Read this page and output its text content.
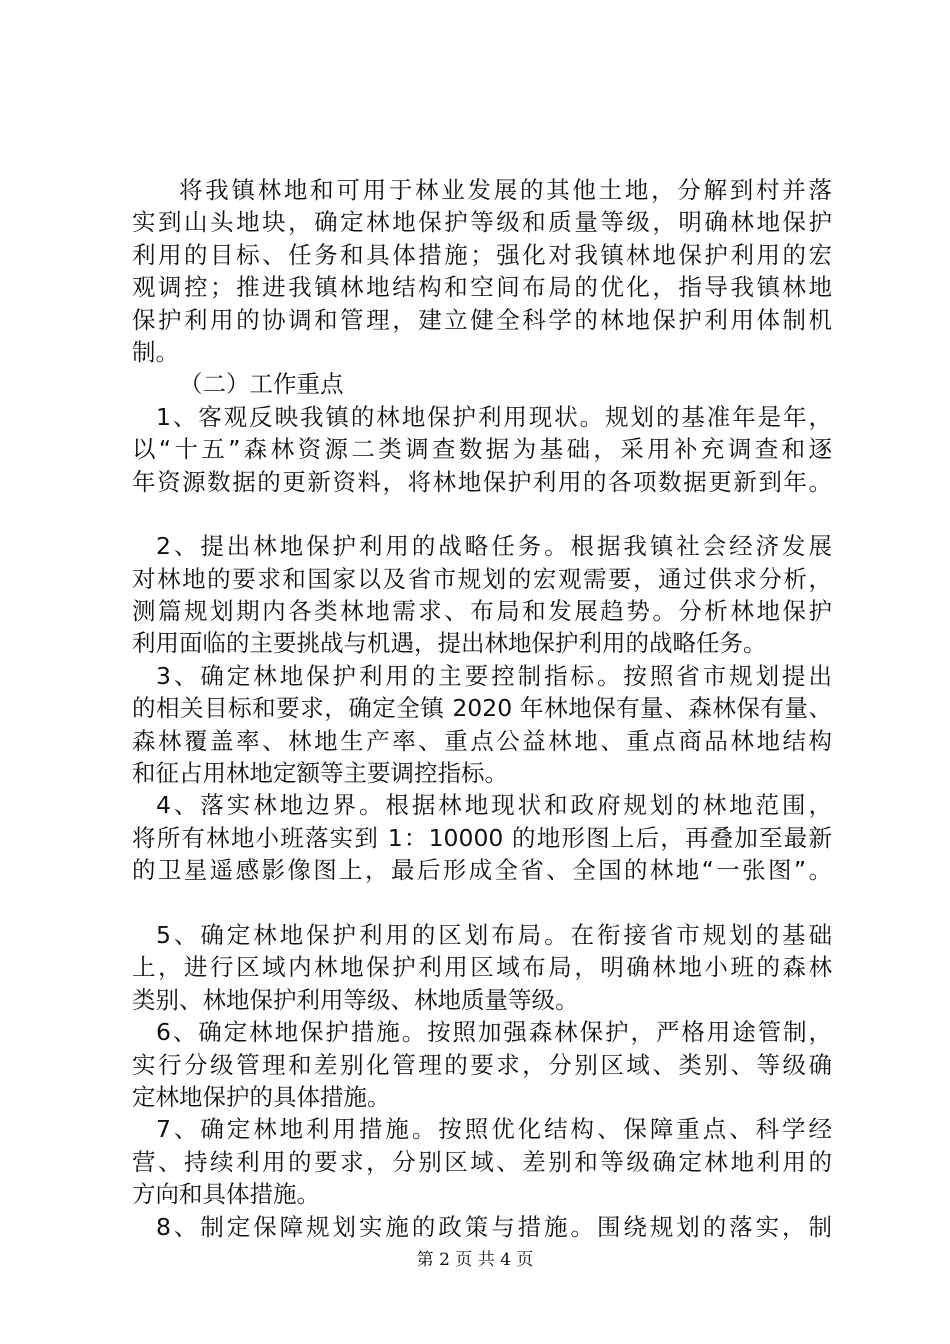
将我镇林地和可用于林业发展的其他土地，分解到村并落
实到山头地块，确定林地保护等级和质量等级，明确林地保护
利用的目标、任务和具体措施；强化对我镇林地保护利用的宏
观调控；推进我镇林地结构和空间布局的优化，指导我镇林地
保护利用的协调和管理，建立健全科学的林地保护利用体制机
制。
（二）工作重点
1、客观反映我镇的林地保护利用现状。规划的基准年是年，
以“十五”森林资源二类调查数据为基础，采用补充调查和逐
年资源数据的更新资料，将林地保护利用的各项数据更新到年。
2、提出林地保护利用的战略任务。根据我镇社会经济发展
对林地的要求和国家以及省市规划的宏观需要，通过供求分析，
测篇规划期内各类林地需求、布局和发展趋势。分析林地保护
利用面临的主要挑战与机遇，提出林地保护利用的战略任务。
3、确定林地保护利用的主要控制指标。按照省市规划提出
的相关目标和要求，确定全镇 2020 年林地保有量、森林保有量、
森林覆盖率、林地生产率、重点公益林地、重点商品林地结构
和征占用林地定额等主要调控指标。
4、落实林地边界。根据林地现状和政府规划的林地范围，
将所有林地小班落实到 1：10000 的地形图上后，再叠加至最新
的卫星遥感影像图上，最后形成全省、全国的林地“一张图”。
5、确定林地保护利用的区划布局。在衔接省市规划的基础
上，进行区域内林地保护利用区域布局，明确林地小班的森林
类别、林地保护利用等级、林地质量等级。
6、确定林地保护措施。按照加强森林保护，严格用途管制，
实行分级管理和差别化管理的要求，分别区域、类别、等级确
定林地保护的具体措施。
7、确定林地利用措施。按照优化结构、保障重点、科学经
营、持续利用的要求，分别区域、差别和等级确定林地利用的
方向和具体措施。
8、制定保障规划实施的政策与措施。围绕规划的落实，制
第 2 页 共 4 页
